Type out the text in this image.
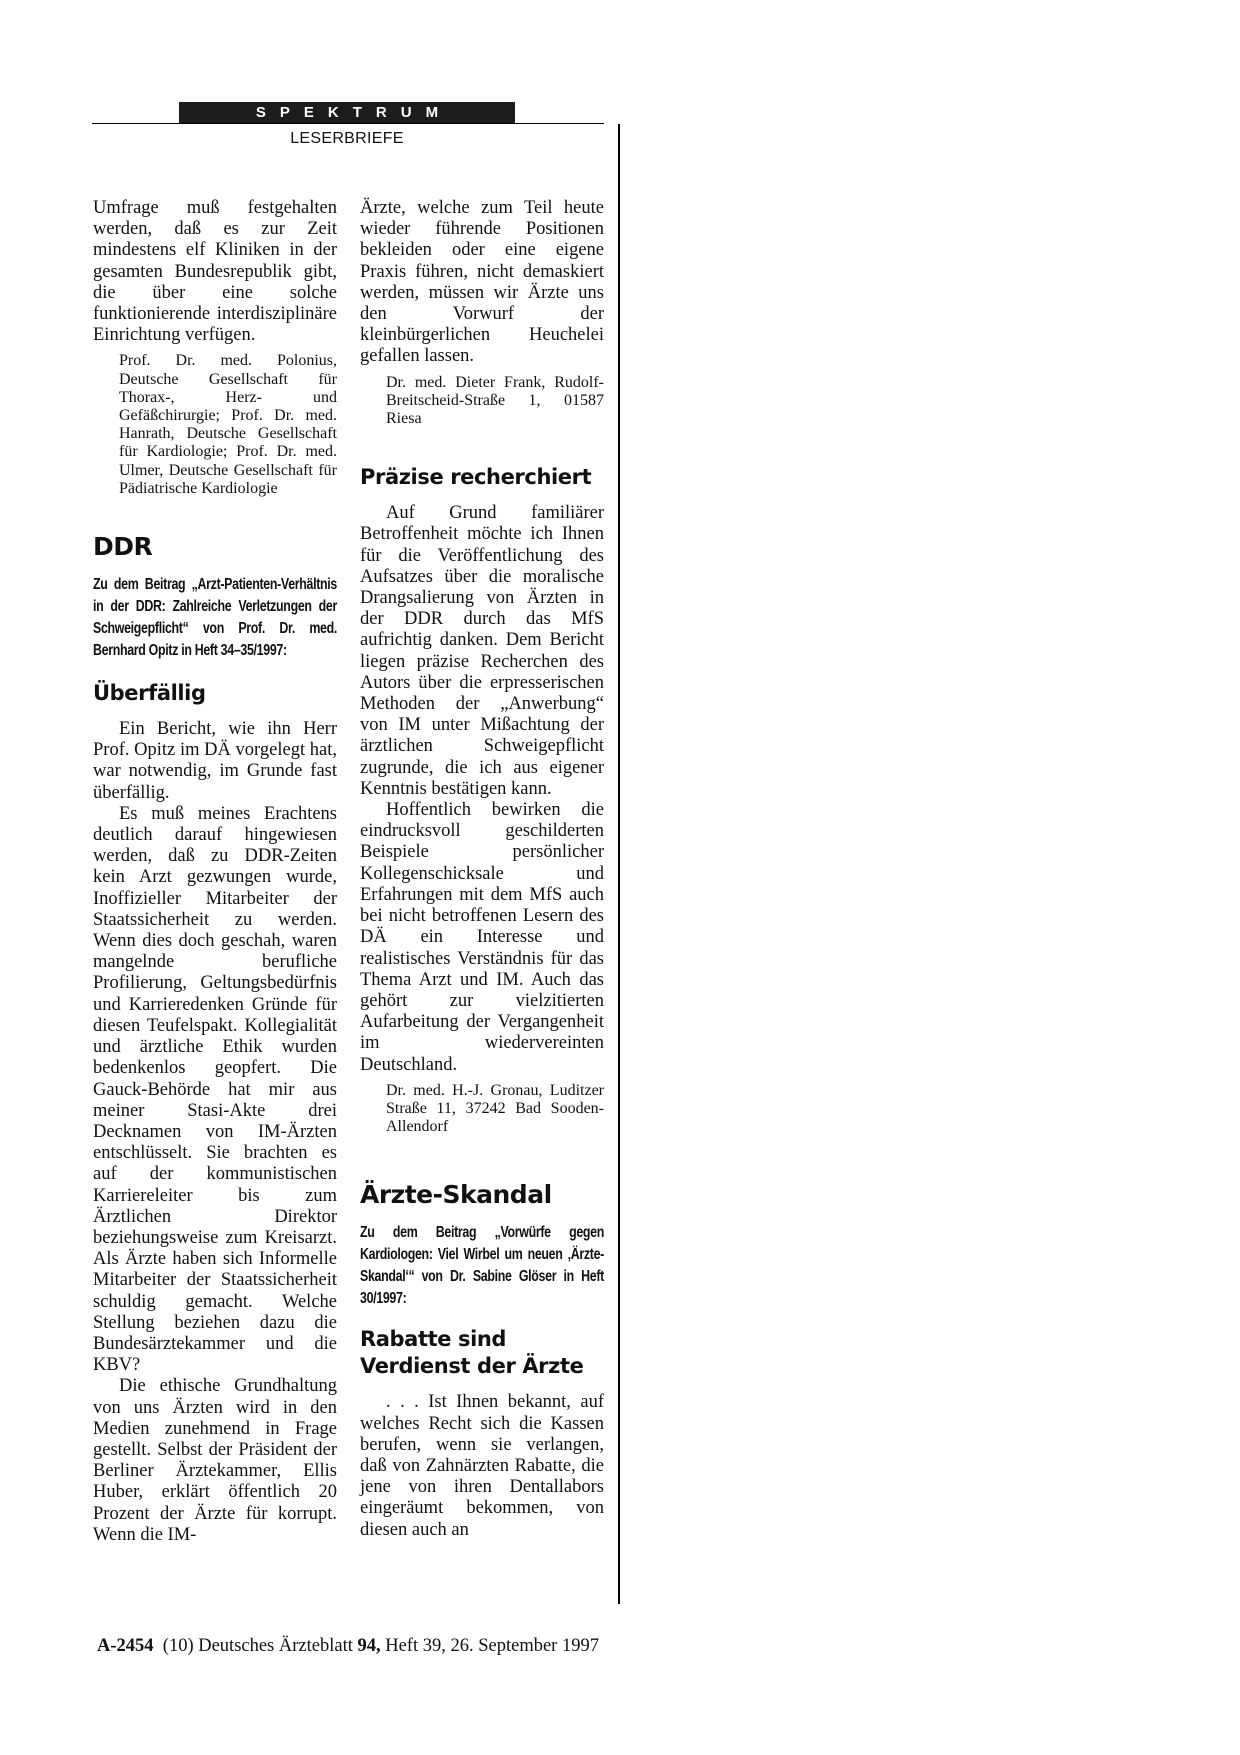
SPEKTRUM
LESERBRIEFE

Umfrage muß festgehalten werden, daß es zur Zeit mindestens elf Kliniken in der gesamten Bundesrepublik gibt, die über eine solche funktionierende interdisziplinäre Einrichtung verfügen.

Prof. Dr. med. Polonius, Deutsche Gesellschaft für Thorax-, Herz- und Gefäßchirurgie; Prof. Dr. med. Hanrath, Deutsche Gesellschaft für Kardiologie; Prof. Dr. med. Ulmer, Deutsche Gesellschaft für Pädiatrische Kardiologie
DDR
Zu dem Beitrag „Arzt-Patienten-Verhältnis in der DDR: Zahlreiche Verletzungen der Schweigepflicht“ von Prof. Dr. med. Bernhard Opitz in Heft 34–35/1997:
Überfällig

Ein Bericht, wie ihn Herr Prof. Opitz im DÄ vorgelegt hat, war notwendig, im Grunde fast überfällig.

Es muß meines Erachtens deutlich darauf hingewiesen werden, daß zu DDR-Zeiten kein Arzt gezwungen wurde, Inoffizieller Mitarbeiter der Staatssicherheit zu werden. Wenn dies doch geschah, waren mangelnde berufliche Profilierung, Geltungsbedürfnis und Karrieredenken Gründe für diesen Teufelspakt. Kollegialität und ärztliche Ethik wurden bedenkenlos geopfert. Die Gauck-Behörde hat mir aus meiner Stasi-Akte drei Decknamen von IM-Ärzten entschlüsselt. Sie brachten es auf der kommunistischen Karriereleiter bis zum Ärztlichen Direktor beziehungsweise zum Kreisarzt. Als Ärzte haben sich Informelle Mitarbeiter der Staatssicherheit schuldig gemacht. Welche Stellung beziehen dazu die Bundesärztekammer und die KBV?

Die ethische Grundhaltung von uns Ärzten wird in den Medien zunehmend in Frage gestellt. Selbst der Präsident der Berliner Ärztekammer, Ellis Huber, erklärt öffentlich 20 Prozent der Ärzte für korrupt. Wenn die IM-

Ärzte, welche zum Teil heute wieder führende Positionen bekleiden oder eine eigene Praxis führen, nicht demaskiert werden, müssen wir Ärzte uns den Vorwurf der kleinbürgerlichen Heuchelei gefallen lassen.

Dr. med. Dieter Frank, Rudolf-Breitscheid-Straße 1, 01587 Riesa
Präzise recherchiert

Auf Grund familiärer Betroffenheit möchte ich Ihnen für die Veröffentlichung des Aufsatzes über die moralische Drangsalierung von Ärzten in der DDR durch das MfS aufrichtig danken. Dem Bericht liegen präzise Recherchen des Autors über die erpresserischen Methoden der „Anwerbung“ von IM unter Mißachtung der ärztlichen Schweigepflicht zugrunde, die ich aus eigener Kenntnis bestätigen kann.

Hoffentlich bewirken die eindrucksvoll geschilderten Beispiele persönlicher Kollegenschicksale und Erfahrungen mit dem MfS auch bei nicht betroffenen Lesern des DÄ ein Interesse und realistisches Verständnis für das Thema Arzt und IM. Auch das gehört zur vielzitierten Aufarbeitung der Vergangenheit im wiedervereinten Deutschland.

Dr. med. H.-J. Gronau, Luditzer Straße 11, 37242 Bad Sooden-Allendorf
Ärzte-Skandal
Zu dem Beitrag „Vorwürfe gegen Kardiologen: Viel Wirbel um neuen ‚Ärzte-Skandal‘“ von Dr. Sabine Glöser in Heft 30/1997:
Rabatte sind Verdienst der Ärzte

. . . Ist Ihnen bekannt, auf welches Recht sich die Kassen berufen, wenn sie verlangen, daß von Zahnärzten Rabatte, die jene von ihren Dentallabors eingeräumt bekommen, von diesen auch an

A-2454 (10) Deutsches Ärzteblatt 94, Heft 39, 26. September 1997
